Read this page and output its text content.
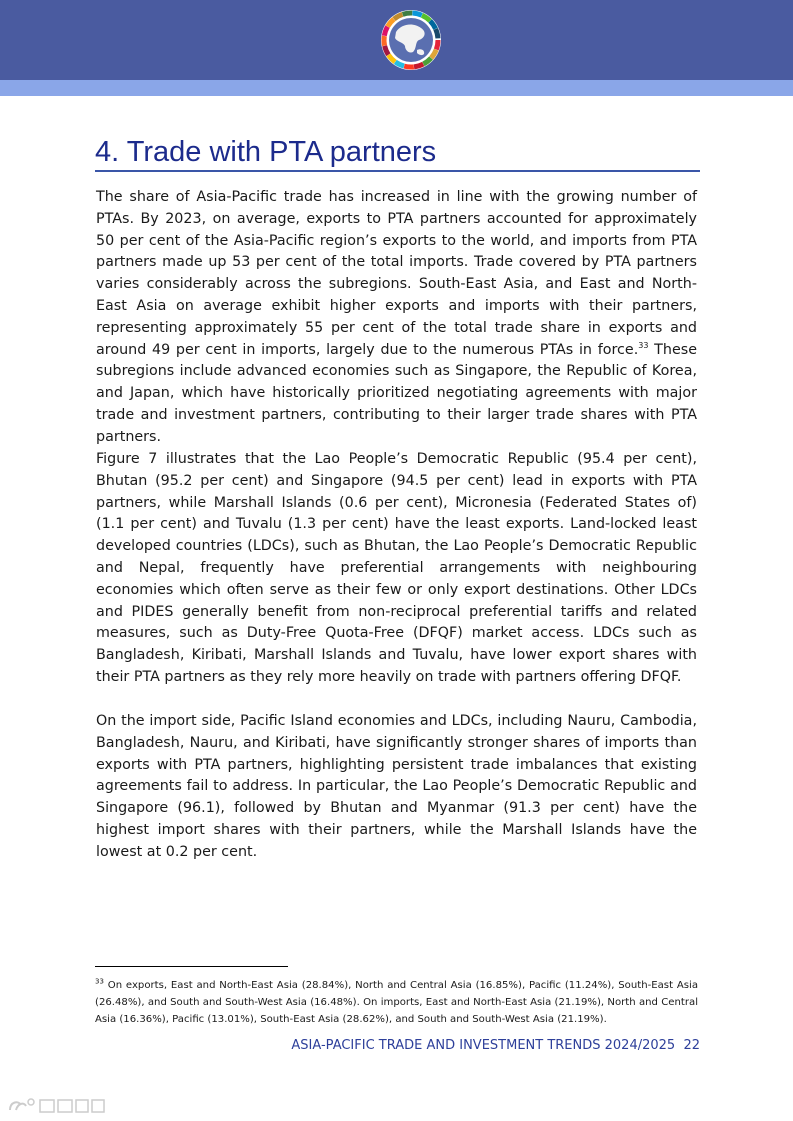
4. Trade with PTA partners

The share of Asia-Pacific trade has increased in line with the growing number of PTAs. By 2023, on average, exports to PTA partners accounted for approximately 50 per cent of the Asia-Pacific region’s exports to the world, and imports from PTA partners made up 53 per cent of the total imports. Trade covered by PTA partners varies considerably across the subregions. South-East Asia, and East and North-East Asia on average exhibit higher exports and imports with their partners, representing approximately 55 per cent of the total trade share in exports and around 49 per cent in imports, largely due to the numerous PTAs in force.$^{33}$ These subregions include advanced economies such as Singapore, the Republic of Korea, and Japan, which have historically prioritized negotiating agreements with major trade and investment partners, contributing to their larger trade shares with PTA partners.

Figure 7 illustrates that the Lao People’s Democratic Republic (95.4 per cent), Bhutan (95.2 per cent) and Singapore (94.5 per cent) lead in exports with PTA partners, while Marshall Islands (0.6 per cent), Micronesia (Federated States of) (1.1 per cent) and Tuvalu (1.3 per cent) have the least exports. Land-locked least developed countries (LDCs), such as Bhutan, the Lao People’s Democratic Republic and Nepal, frequently have preferential arrangements with neighbouring economies which often serve as their few or only export destinations. Other LDCs and PIDES generally benefit from non-reciprocal preferential tariffs and related measures, such as Duty-Free Quota-Free (DFQF) market access. LDCs such as Bangladesh, Kiribati, Marshall Islands and Tuvalu, have lower export shares with their PTA partners as they rely more heavily on trade with partners offering DFQF.

On the import side, Pacific Island economies and LDCs, including Nauru, Cambodia, Bangladesh, Nauru, and Kiribati, have significantly stronger shares of imports than exports with PTA partners, highlighting persistent trade imbalances that existing agreements fail to address. In particular, the Lao People’s Democratic Republic and Singapore (96.1), followed by Bhutan and Myanmar (91.3 per cent) have the highest import shares with their partners, while the Marshall Islands have the lowest at 0.2 per cent.

$^{33}$ On exports, East and North-East Asia (28.84%), North and Central Asia (16.85%), Pacific (11.24%), South-East Asia (26.48%), and South and South-West Asia (16.48%). On imports, East and North-East Asia (21.19%), North and Central Asia (16.36%), Pacific (13.01%), South-East Asia (28.62%), and South and South-West Asia (21.19%).

ASIA-PACIFIC TRADE AND INVESTMENT TRENDS 2024/2025 22
